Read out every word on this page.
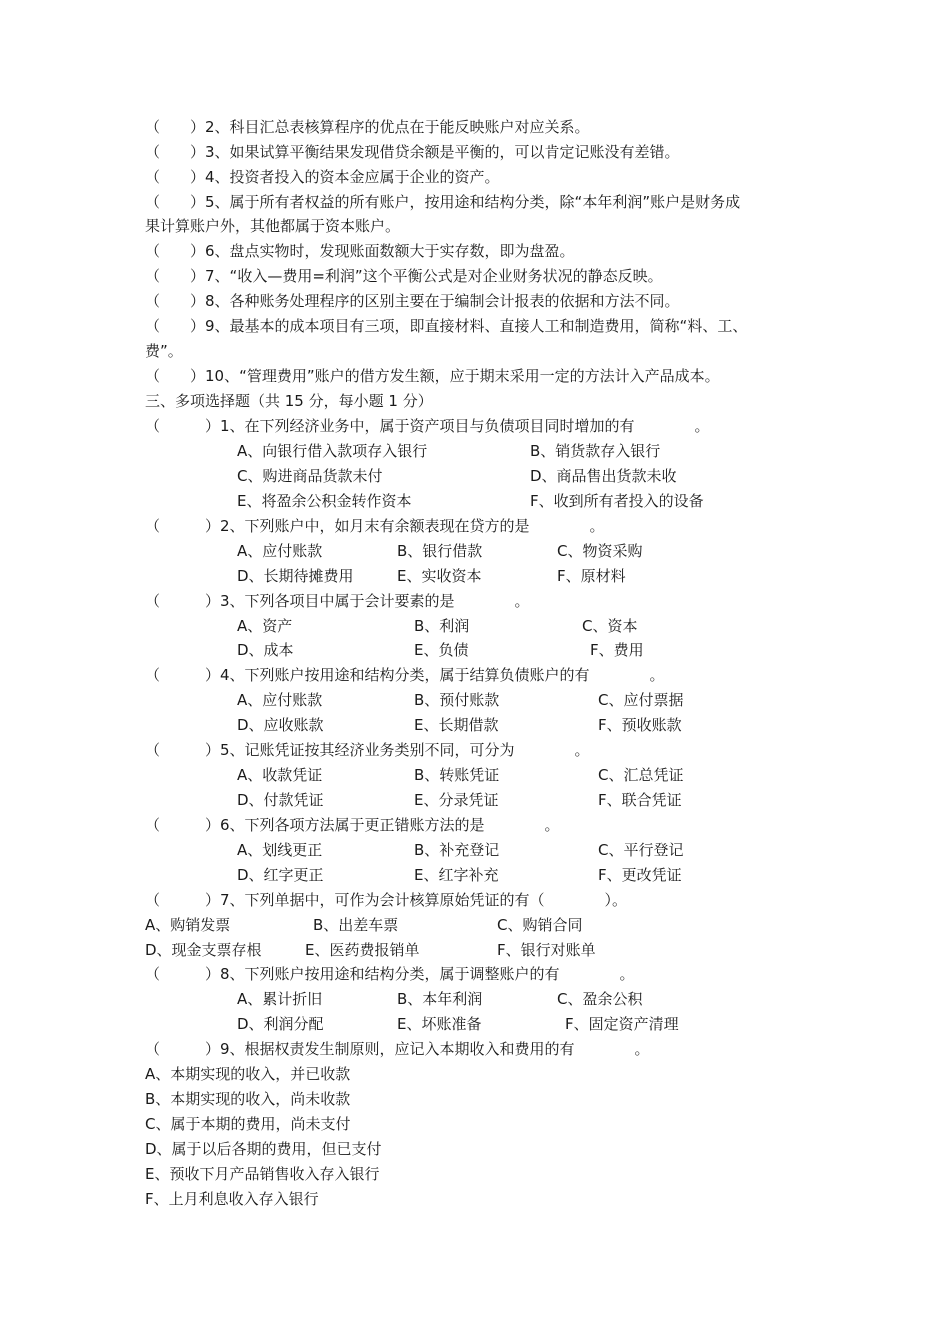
（　　）2、科目汇总表核算程序的优点在于能反映账户对应关系。
（　　）3、如果试算平衡结果发现借贷余额是平衡的，可以肯定记账没有差错。
（　　）4、投资者投入的资本金应属于企业的资产。
（　　）5、属于所有者权益的所有账户，按用途和结构分类，除“本年利润”账户是财务成
果计算账户外，其他都属于资本账户。
（　　）6、盘点实物时，发现账面数额大于实存数，即为盘盈。
（　　）7、“收入—费用=利润”这个平衡公式是对企业财务状况的静态反映。
（　　）8、各种账务处理程序的区别主要在于编制会计报表的依据和方法不同。
（　　）9、最基本的成本项目有三项，即直接材料、直接人工和制造费用，简称“料、工、
费”。
（　　）10、“管理费用”账户的借方发生额，应于期末采用一定的方法计入产品成本。
三、多项选择题（共 15 分，每小题 1 分）
（　　　）1、在下列经济业务中，属于资产项目与负债项目同时增加的有　　　　。
A、向银行借入款项存入银行	B、销货款存入银行
C、购进商品货款未付	D、商品售出货款未收
E、将盈余公积金转作资本	F、收到所有者投入的设备
（　　　）2、下列账户中，如月末有余额表现在贷方的是　　　　。
A、应付账款	B、银行借款	C、物资采购
D、长期待摊费用	E、实收资本	F、原材料
（　　　）3、下列各项目中属于会计要素的是　　　　。
A、资产	B、利润	C、资本
D、成本	E、负债	F、费用
（　　　）4、下列账户按用途和结构分类，属于结算负债账户的有　　　　。
A、应付账款	B、预付账款	C、应付票据
D、应收账款	E、长期借款	F、预收账款
（　　　）5、记账凭证按其经济业务类别不同，可分为　　　　。
A、收款凭证	B、转账凭证	C、汇总凭证
D、付款凭证	E、分录凭证	F、联合凭证
（　　　）6、下列各项方法属于更正错账方法的是　　　　。
A、划线更正	B、补充登记	C、平行登记
D、红字更正	E、红字补充	F、更改凭证
（　　　）7、下列单据中，可作为会计核算原始凭证的有（　　　　）。
A、购销发票	B、出差车票	C、购销合同
D、现金支票存根	E、医药费报销单	F、银行对账单
（　　　）8、下列账户按用途和结构分类，属于调整账户的有　　　　。
A、累计折旧	B、本年利润	C、盈余公积
D、利润分配	E、坏账准备	F、固定资产清理
（　　　）9、根据权责发生制原则，应记入本期收入和费用的有　　　　。
A、本期实现的收入，并已收款
B、本期实现的收入，尚未收款
C、属于本期的费用，尚未支付
D、属于以后各期的费用，但已支付
E、预收下月产品销售收入存入银行
F、上月利息收入存入银行
